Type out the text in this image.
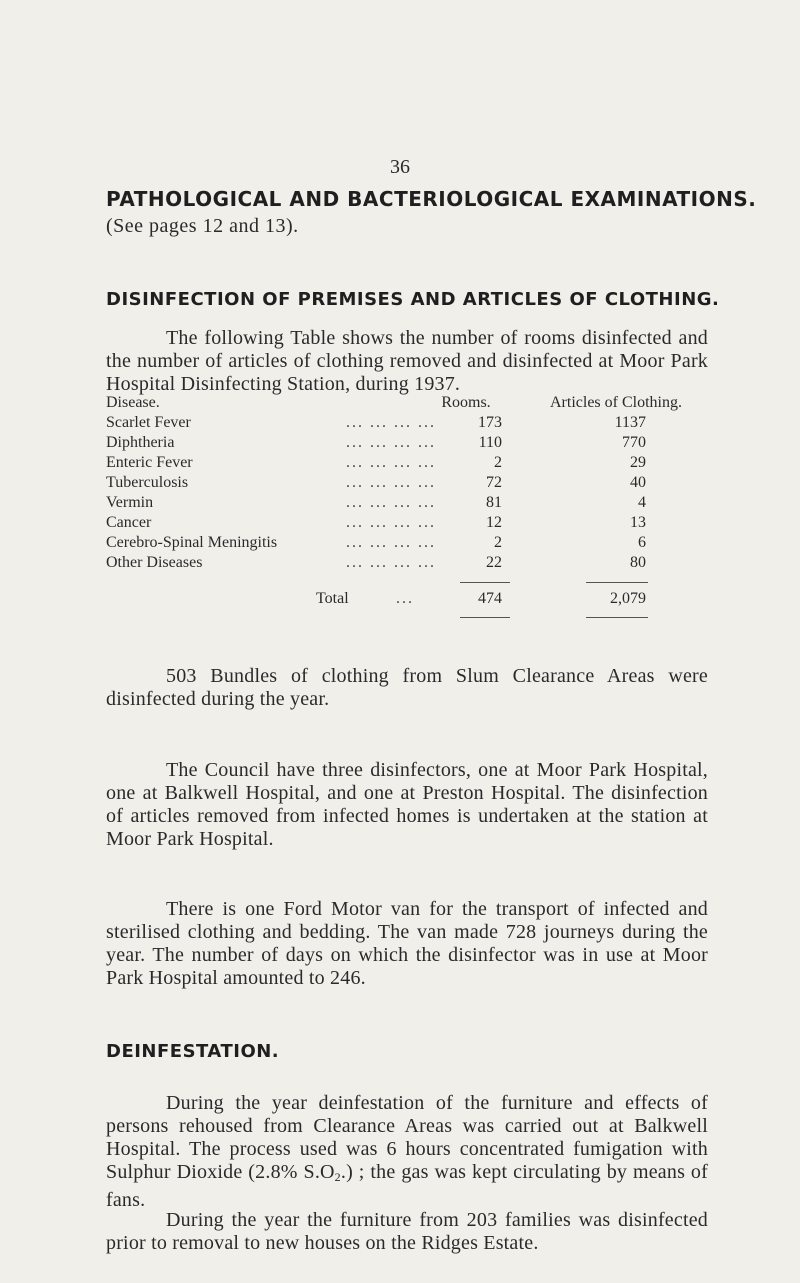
36
PATHOLOGICAL AND BACTERIOLOGICAL EXAMINATIONS.
(See pages 12 and 13).
DISINFECTION OF PREMISES AND ARTICLES OF CLOTHING.

The following Table shows the number of rooms disinfected and the number of articles of clothing removed and disinfected at Moor Park Hospital Disinfecting Station, during 1937.

Disease.	Rooms.	Articles of Clothing.
... ... ... ...
Scarlet Fever	173	1137
... ... ... ...
Diphtheria	110	770
... ... ... ...
Enteric Fever	2	29
... ... ... ...
Tuberculosis	72	40
... ... ... ...
Vermin	81	4
... ... ... ...
Cancer	12	13
... ... ... ...
Cerebro-Spinal Meningitis	2	6
... ... ... ...
Other Diseases	22	80
Total	...	474	2,079

503 Bundles of clothing from Slum Clearance Areas were disinfected during the year.

The Council have three disinfectors, one at Moor Park Hospital, one at Balkwell Hospital, and one at Preston Hospital. The disinfection of articles removed from infected homes is undertaken at the station at Moor Park Hospital.

There is one Ford Motor van for the transport of infected and sterilised clothing and bedding. The van made 728 journeys during the year. The number of days on which the disinfector was in use at Moor Park Hospital amounted to 246.

DEINFESTATION.

During the year deinfestation of the furniture and effects of persons rehoused from Clearance Areas was carried out at Balkwell Hospital. The process used was 6 hours concentrated fumigation with Sulphur Dioxide (2.8% $S.O_2$.) ; the gas was kept circulating by means of fans.

During the year the furniture from 203 families was disinfected prior to removal to new houses on the Ridges Estate.
